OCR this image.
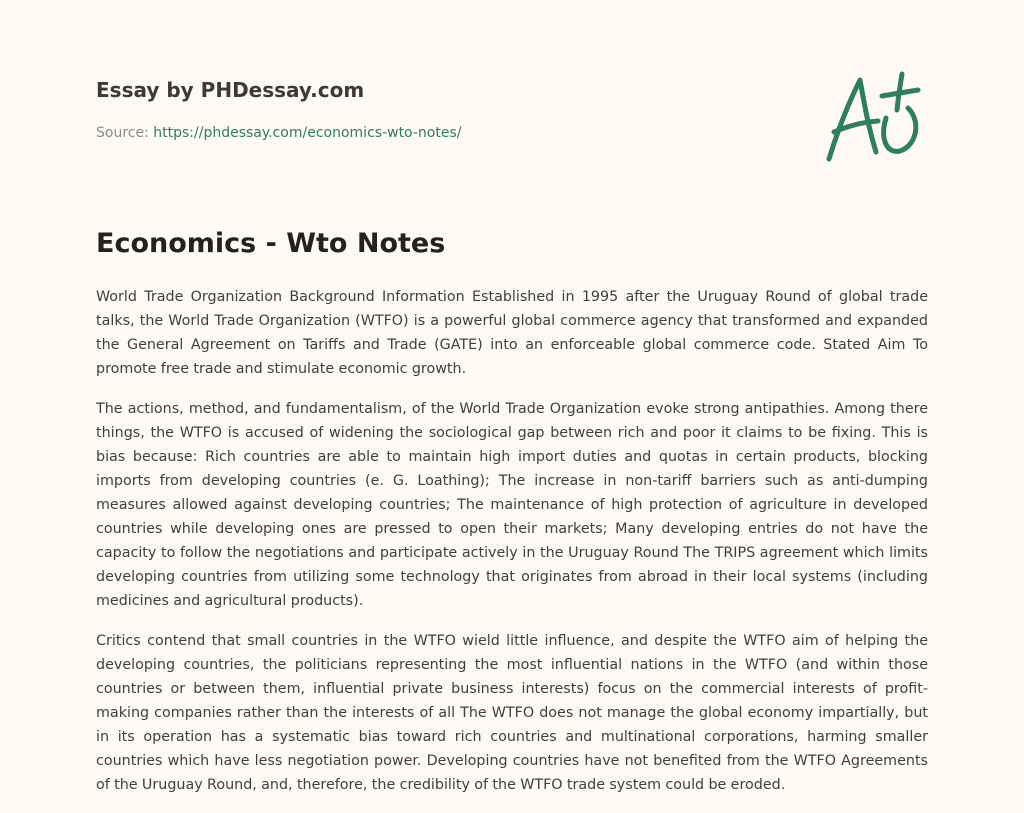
Essay by PHDessay.com

Source: https://phdessay.com/economics-wto-notes/
Economics - Wto Notes

World Trade Organization Background Information Established in 1995 after the Uruguay Round of global trade talks, the World Trade Organization (WTFO) is a powerful global commerce agency that transformed and expanded the General Agreement on Tariffs and Trade (GATE) into an enforceable global commerce code. Stated Aim To promote free trade and stimulate economic growth.

The actions, method, and fundamentalism, of the World Trade Organization evoke strong antipathies. Among there things, the WTFO is accused of widening the sociological gap between rich and poor it claims to be fixing. This is bias because: Rich countries are able to maintain high import duties and quotas in certain products, blocking imports from developing countries (e. G. Loathing); The increase in non-tariff barriers such as anti-dumping measures allowed against developing countries; The maintenance of high protection of agriculture in developed countries while developing ones are pressed to open their markets; Many developing entries do not have the capacity to follow the negotiations and participate actively in the Uruguay Round The TRIPS agreement which limits developing countries from utilizing some technology that originates from abroad in their local systems (including medicines and agricultural products).

Critics contend that small countries in the WTFO wield little influence, and despite the WTFO aim of helping the developing countries, the politicians representing the most influential nations in the WTFO (and within those countries or between them, influential private business interests) focus on the commercial interests of profit-making companies rather than the interests of all The WTFO does not manage the global economy impartially, but in its operation has a systematic bias toward rich countries and multinational corporations, harming smaller countries which have less negotiation power. Developing countries have not benefited from the WTFO Agreements of the Uruguay Round, and, therefore, the credibility of the WTFO trade system could be eroded.
